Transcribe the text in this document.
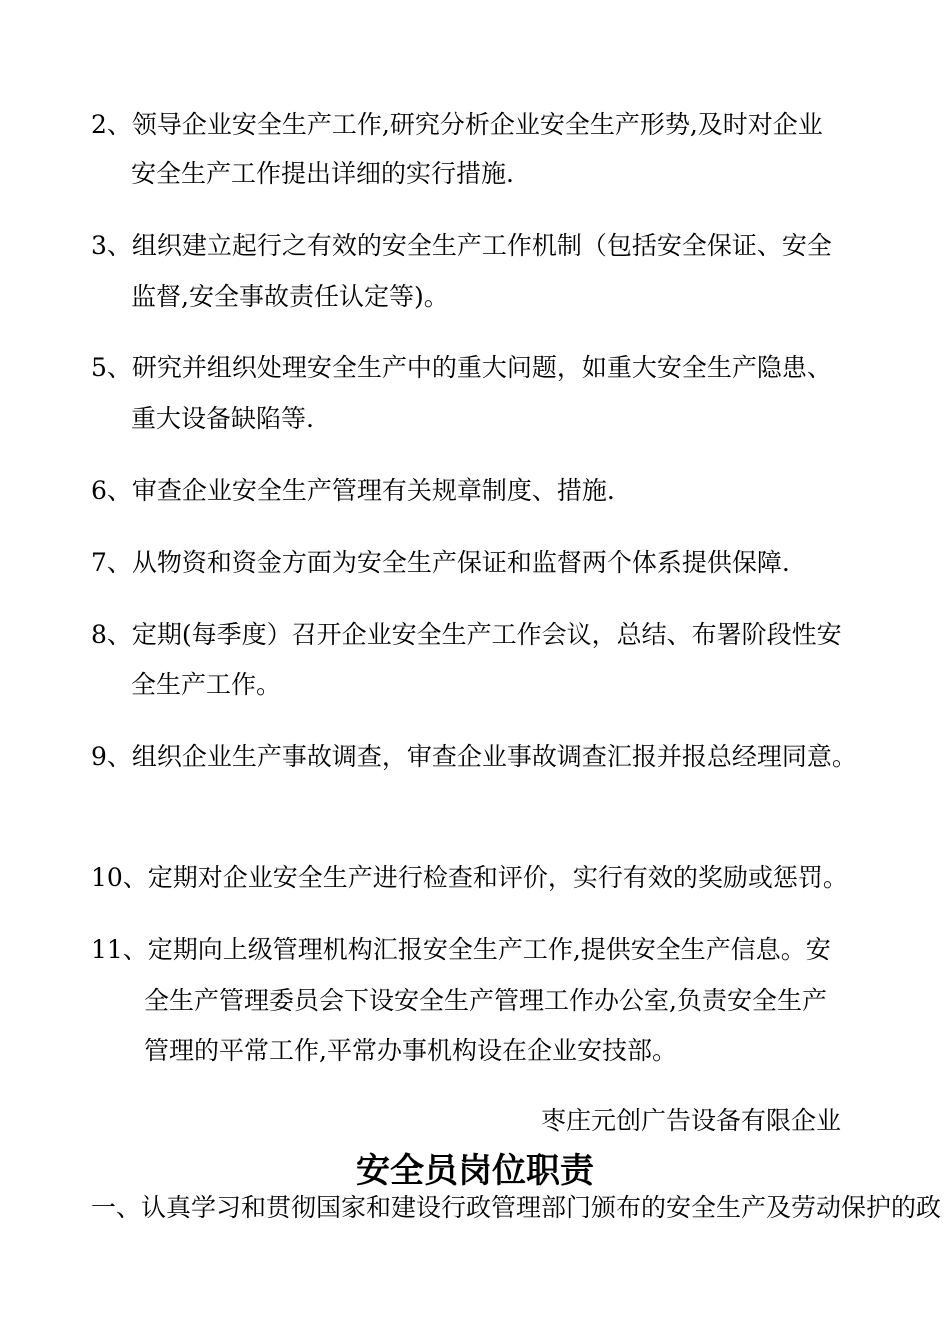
2、领导企业安全生产工作,研究分析企业安全生产形势,及时对企业
安全生产工作提出详细的实行措施.
3、组织建立起行之有效的安全生产工作机制（包括安全保证、安全
监督,安全事故责任认定等)。
5、研究并组织处理安全生产中的重大问题，如重大安全生产隐患、
重大设备缺陷等.
6、审查企业安全生产管理有关规章制度、措施.
7、从物资和资金方面为安全生产保证和监督两个体系提供保障.
8、定期(每季度）召开企业安全生产工作会议，总结、布署阶段性安
全生产工作。
9、组织企业生产事故调查，审查企业事故调查汇报并报总经理同意。
10、定期对企业安全生产进行检查和评价，实行有效的奖励或惩罚。
11、定期向上级管理机构汇报安全生产工作,提供安全生产信息。安
全生产管理委员会下设安全生产管理工作办公室,负责安全生产
管理的平常工作,平常办事机构设在企业安技部。
枣庄元创广告设备有限企业
安全员岗位职责
一、认真学习和贯彻国家和建设行政管理部门颁布的安全生产及劳动保护的政
